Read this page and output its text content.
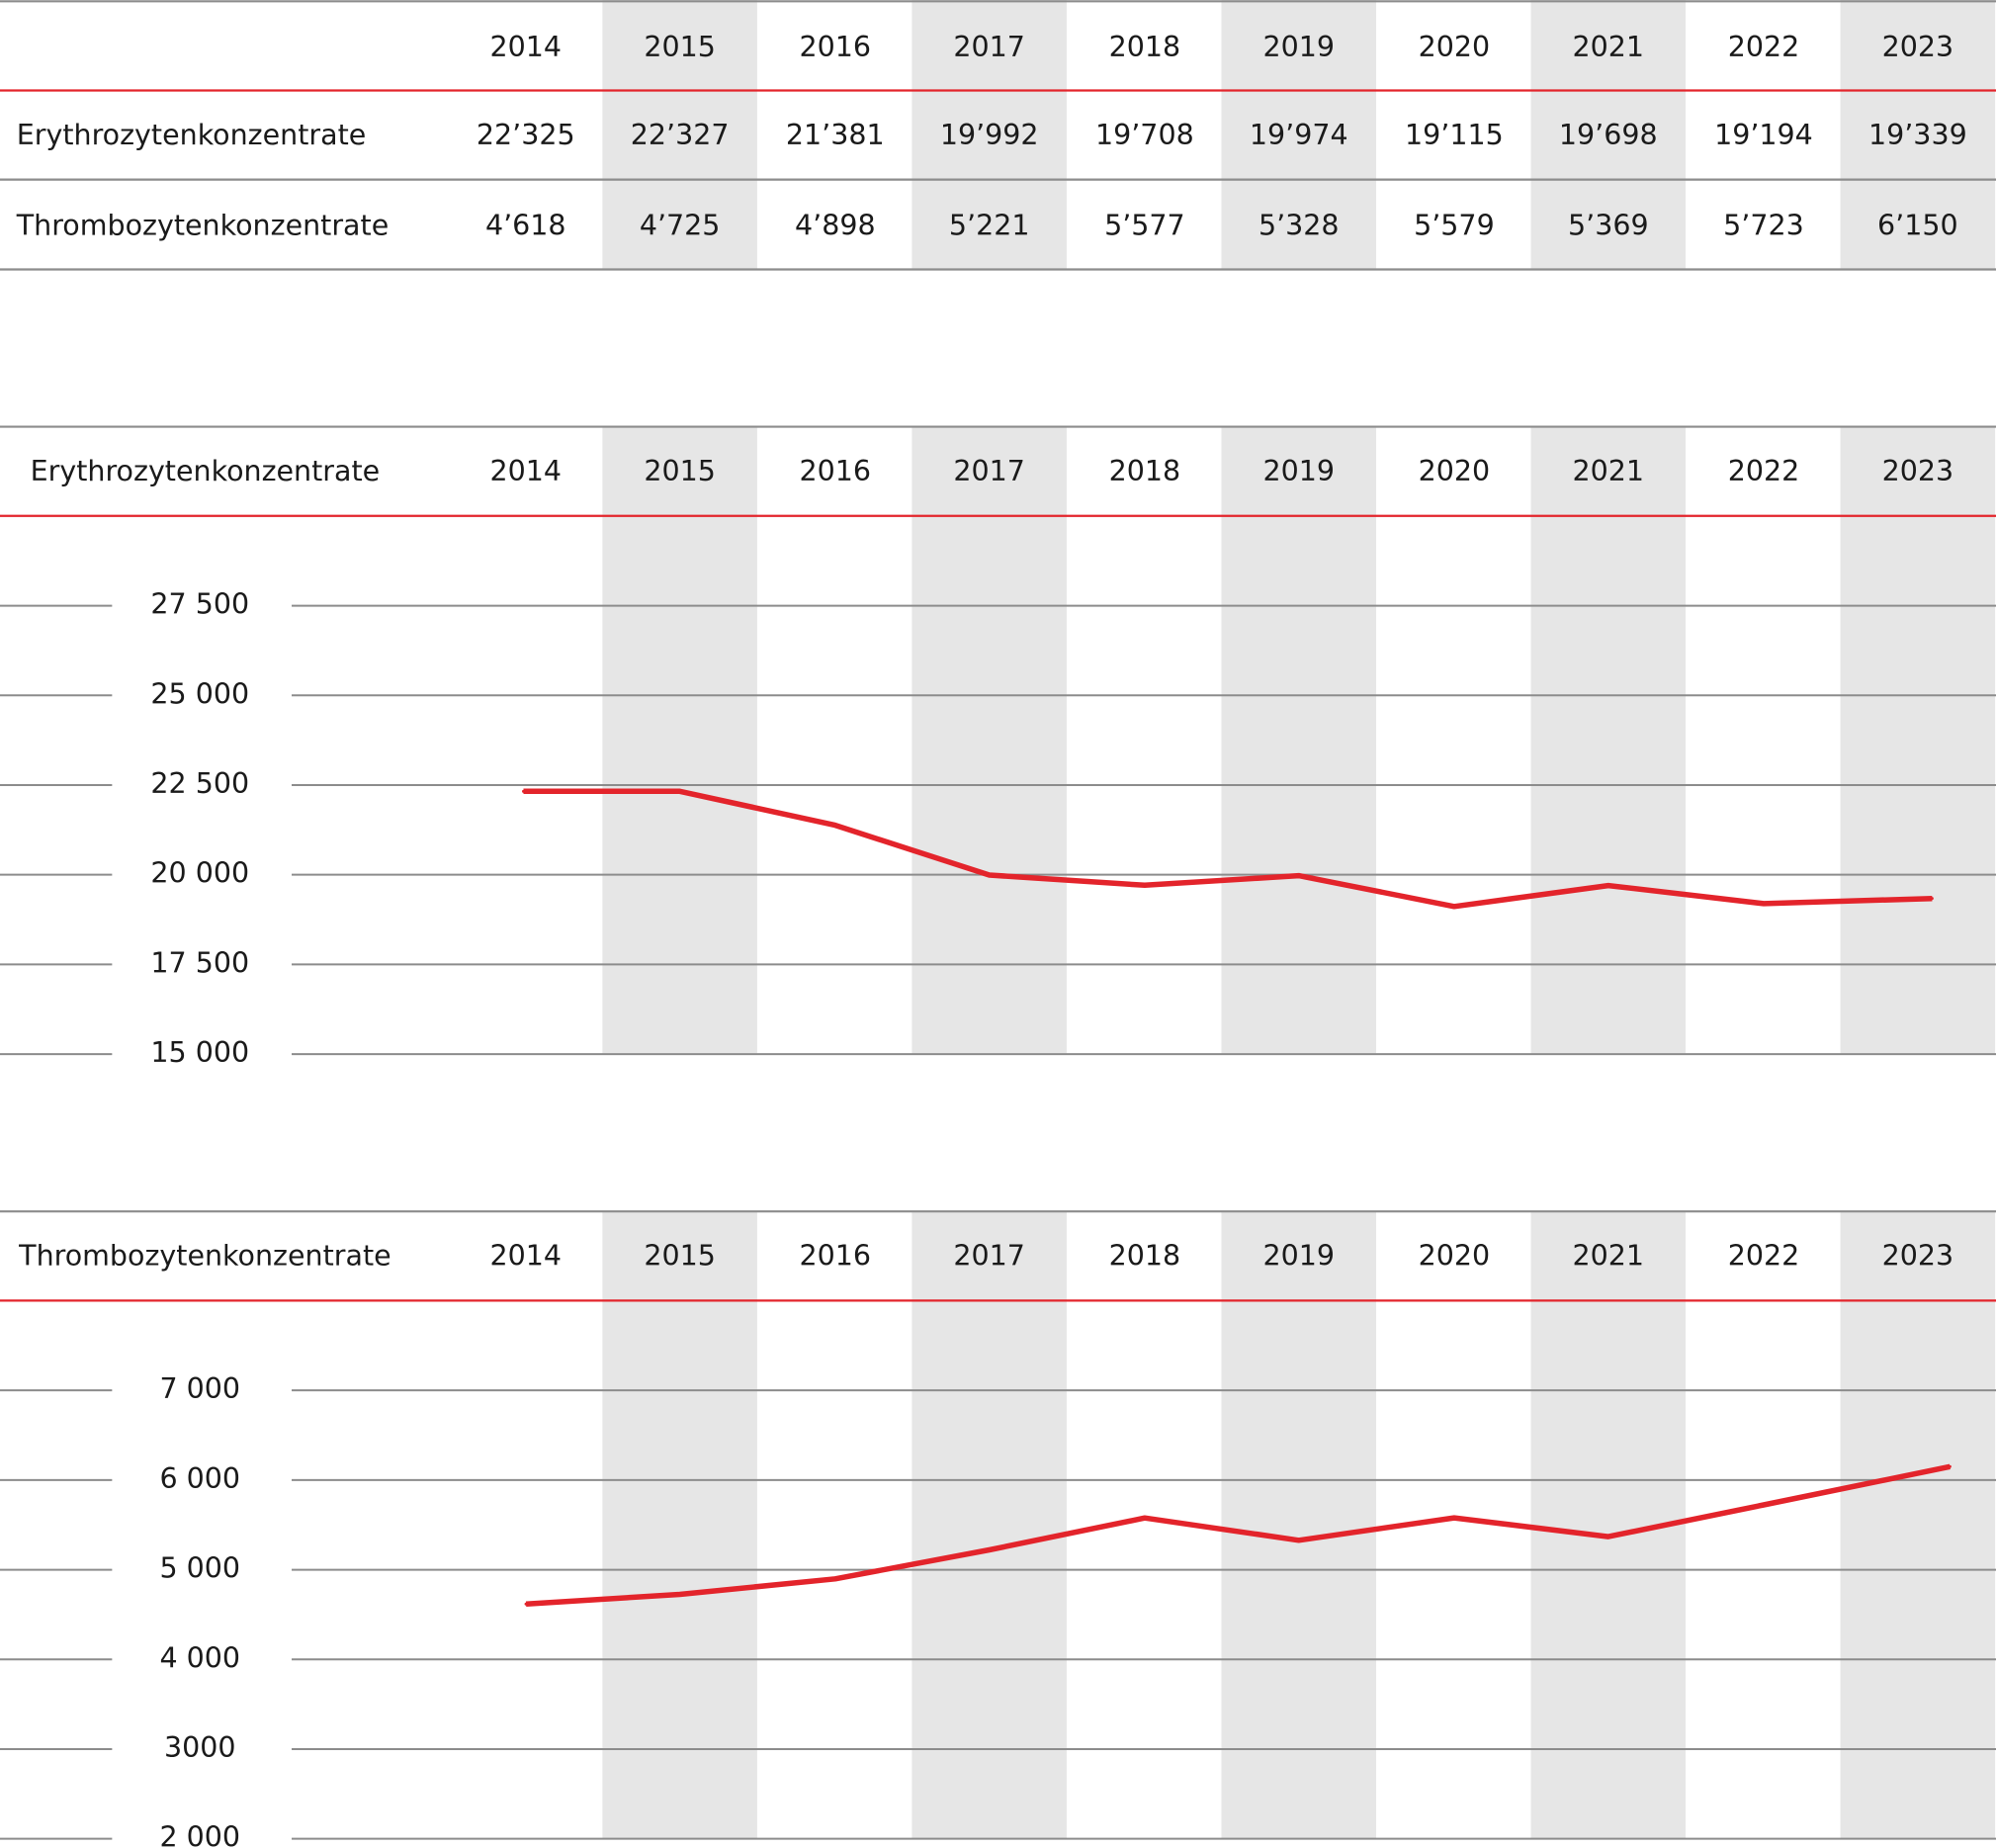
2014	2015	2016	2017	2018	2019	2020	2021	2022	2023
Erythrozytenkonzentrate	22’325 22’327 21’381 19’992 19’708 19’974 19’115 19’698 19’194 19’339
Thrombozytenkonzentrate	4’618	4’725	4’898	5’221	5’577	5’328	5’579	5’369	5’723	6’150
Erythrozytenkonzentrate	2014	2015	2016	2017	2018	2019	2020	2021	2022	2023
27 500
25 000
22 500
20 000
17 500
15 000
Thrombozytenkonzentrate	2014	2015	2016	2017	2018	2019	2020	2021	2022	2023
7 000
6 000
5 000
4 000
3000
2 000
